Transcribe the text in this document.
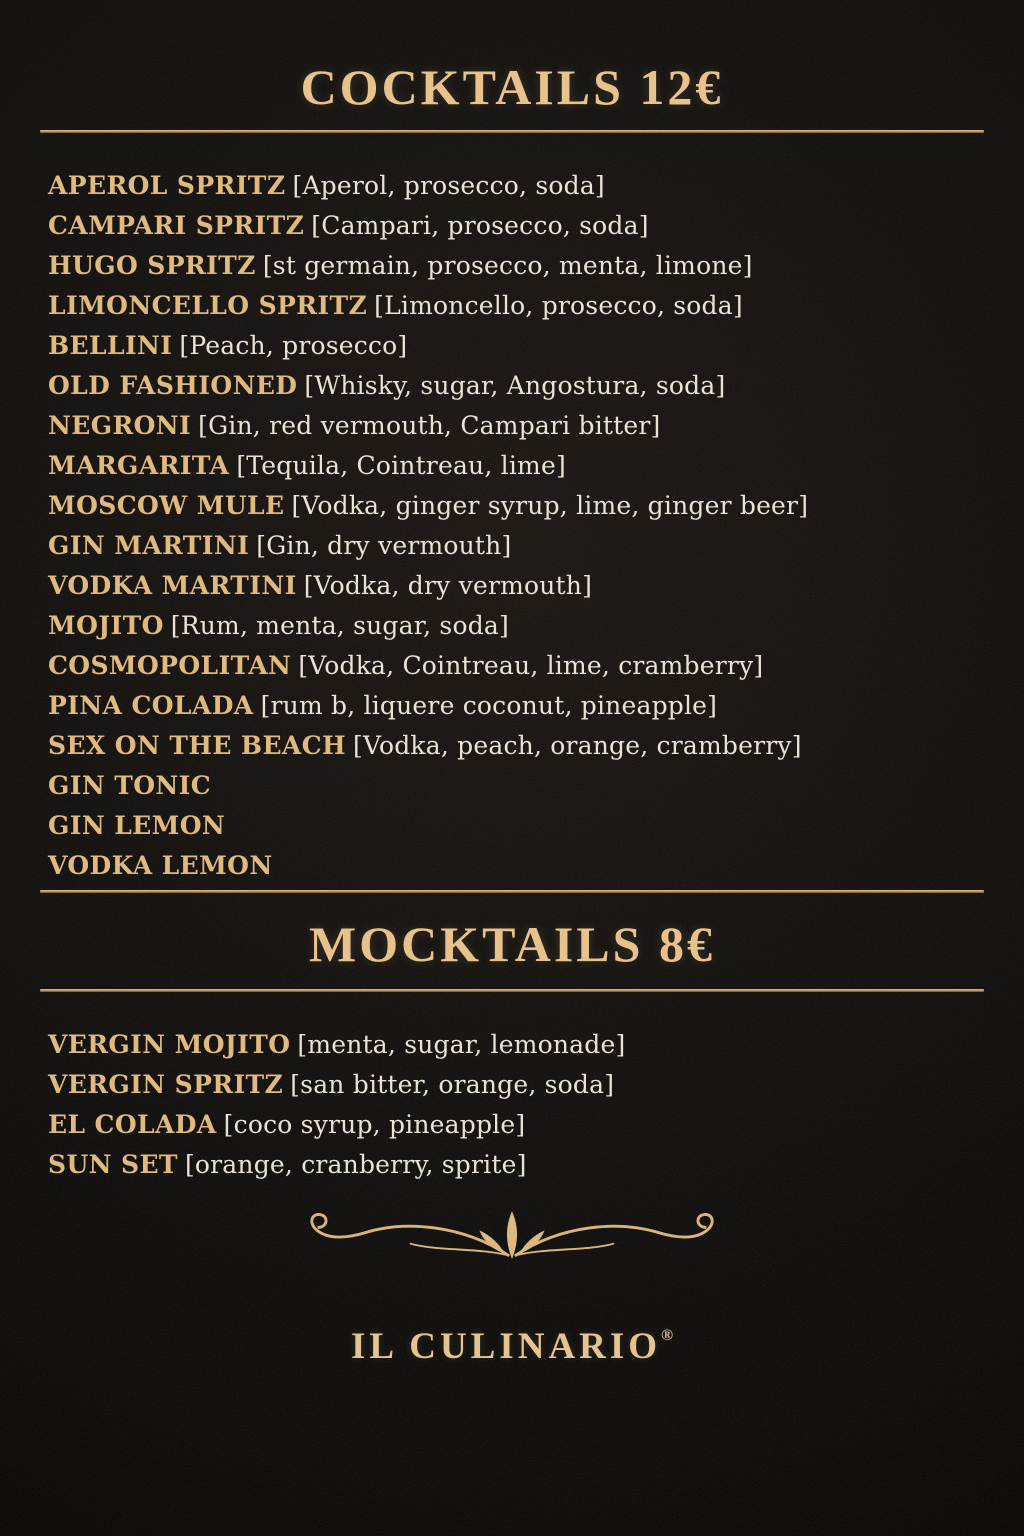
COCKTAILS 12€
APEROL SPRITZ [Aperol, prosecco, soda]
CAMPARI SPRITZ [Campari, prosecco, soda]
HUGO SPRITZ [st germain, prosecco, menta, limone]
LIMONCELLO SPRITZ [Limoncello, prosecco, soda]
BELLINI [Peach, prosecco]
OLD FASHIONED [Whisky, sugar, Angostura, soda]
NEGRONI [Gin, red vermouth, Campari bitter]
MARGARITA [Tequila, Cointreau, lime]
MOSCOW MULE [Vodka, ginger syrup, lime, ginger beer]
GIN MARTINI [Gin, dry vermouth]
VODKA MARTINI [Vodka, dry vermouth]
MOJITO [Rum, menta, sugar, soda]
COSMOPOLITAN [Vodka, Cointreau, lime, cramberry]
PINA COLADA [rum b, liquere coconut, pineapple]
SEX ON THE BEACH [Vodka, peach, orange, cramberry]
GIN TONIC
GIN LEMON
VODKA LEMON
MOCKTAILS 8€
VERGIN MOJITO [menta, sugar, lemonade]
VERGIN SPRITZ [san bitter, orange, soda]
EL COLADA [coco syrup, pineapple]
SUN SET [orange, cranberry, sprite]
IL CULINARIO®
